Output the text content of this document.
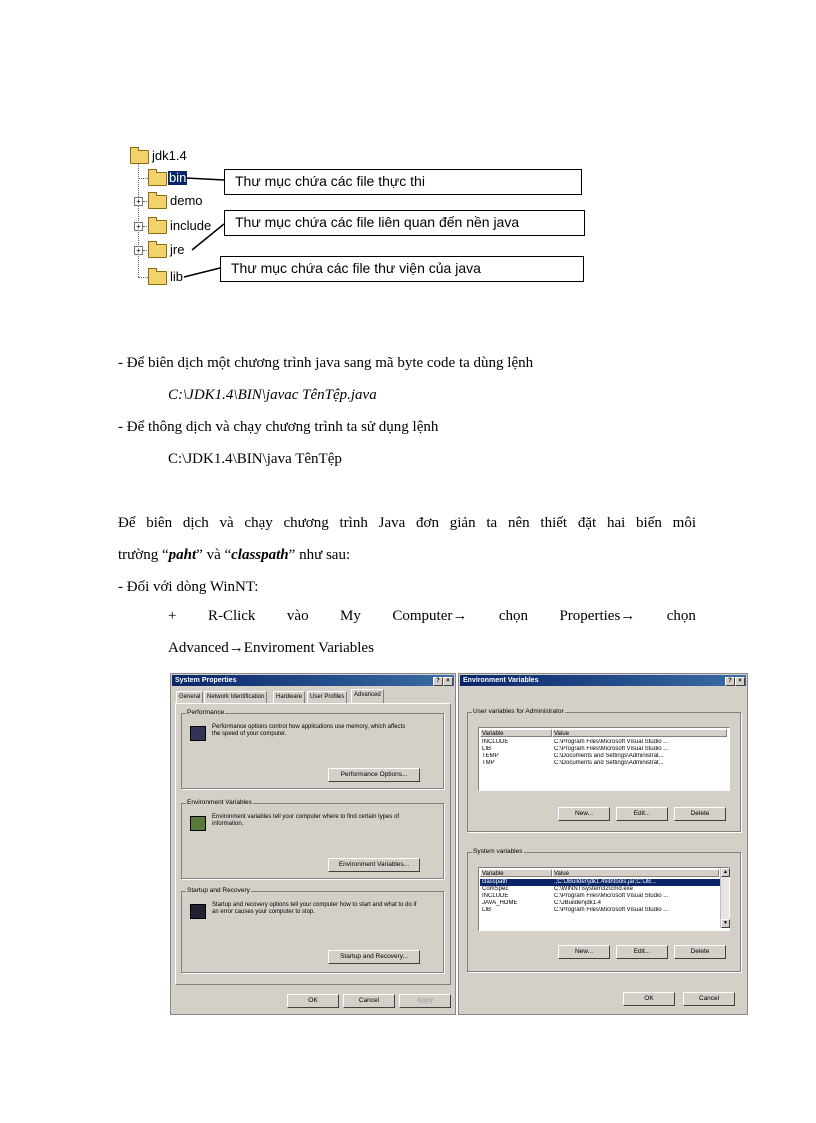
jdk1.4
bin
+ demo
+ include
+ jre
lib
Thư mục chứa các file thực thi
Thư mục chứa các file liên quan đến nền java
Thư mục chứa các file thư viện của java
- Để biên dịch một chương trình java sang mã byte code ta dùng lệnh
C:\JDK1.4\BIN\javac TênTệp.java
- Để thông dịch và chạy chương trình ta sử dụng lệnh
C:\JDK1.4\BIN\java TênTệp
Để biên dịch và chạy chương trình Java đơn giản ta nên thiết đặt hai biến môi
trường “paht” và “classpath” như sau:
- Đối với dòng WinNT:
+ R-Click vào My Computer→ chọn Properties→ chọn
Advanced→Enviroment Variables
System Properties	?	×
General	Network Identification	Hardware	User Profiles	Advanced
Performance
Performance options control how applications use memory, which affects the speed of your computer.
Performance Options...
Environment Variables
Environment variables tell your computer where to find certain types of information.
Environment Variables...
Startup and Recovery
Startup and recovery options tell your computer how to start and what to do if an error causes your computer to stop.
Startup and Recovery...
OK	Cancel	Apply
Environment Variables	?	×
User variables for Administrator
Variable	Value
INCLUDE	C:\Program Files\Microsoft Visual Studio ...
LIB	C:\Program Files\Microsoft Visual Studio ...
TEMP	C:\Documents and Settings\Administrat...
TMP	C:\Documents and Settings\Administrat...
New...	Edit...	Delete
System variables
Variable	Value
classpath	.;C:\JBuilder\jdk1.4\lib\tools.jar;C:\JB...
ComSpec	C:\WINNT\system32\cmd.exe
INCLUDE	C:\Program Files\Microsoft Visual Studio ...
JAVA_HOME	C:\JBuilder\jdk1.4
LIB	C:\Program Files\Microsoft Visual Studio ...
▲
▼
New...	Edit...	Delete
OK	Cancel
